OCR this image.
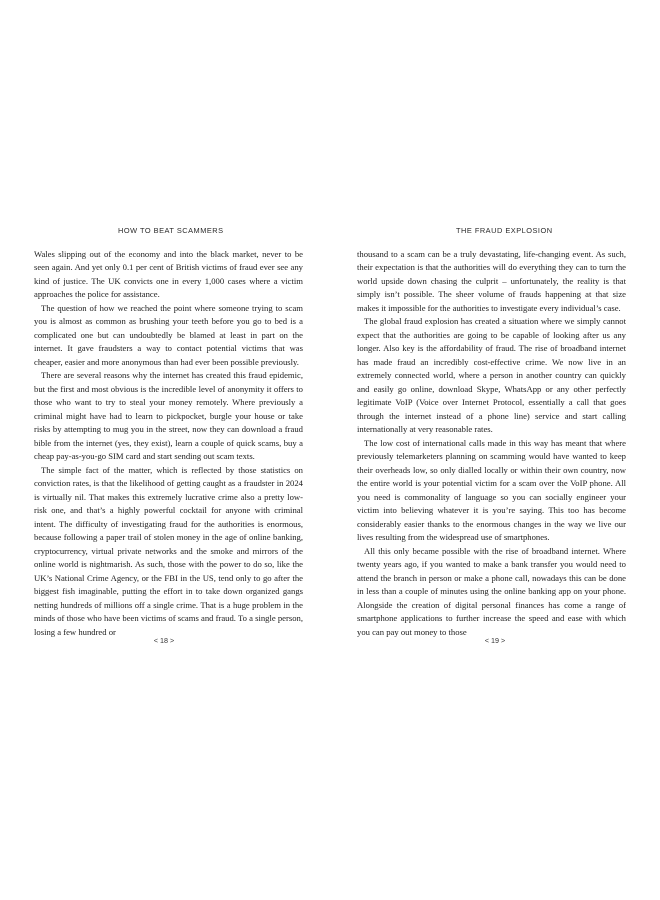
HOW TO BEAT SCAMMERS

Wales slipping out of the economy and into the black market, never to be seen again. And yet only 0.1 per cent of British victims of fraud ever see any kind of justice. The UK convicts one in every 1,000 cases where a victim approaches the police for assistance.

The question of how we reached the point where someone trying to scam you is almost as common as brushing your teeth before you go to bed is a complicated one but can undoubtedly be blamed at least in part on the internet. It gave fraudsters a way to contact potential victims that was cheaper, easier and more anonymous than had ever been possible previously.

There are several reasons why the internet has created this fraud epidemic, but the first and most obvious is the incredible level of anonymity it offers to those who want to try to steal your money remotely. Where previously a criminal might have had to learn to pickpocket, burgle your house or take risks by attempting to mug you in the street, now they can download a fraud bible from the internet (yes, they exist), learn a couple of quick scams, buy a cheap pay-as-you-go SIM card and start sending out scam texts.

The simple fact of the matter, which is reflected by those statistics on conviction rates, is that the likelihood of getting caught as a fraudster in 2024 is virtually nil. That makes this extremely lucrative crime also a pretty low-risk one, and that’s a highly powerful cocktail for anyone with criminal intent. The difficulty of investigating fraud for the authorities is enormous, because following a paper trail of stolen money in the age of online banking, cryptocurrency, virtual private networks and the smoke and mirrors of the online world is nightmarish. As such, those with the power to do so, like the UK’s National Crime Agency, or the FBI in the US, tend only to go after the biggest fish imaginable, putting the effort in to take down organized gangs netting hundreds of millions off a single crime. That is a huge problem in the minds of those who have been victims of scams and fraud. To a single person, losing a few hundred or

< 18 >
THE FRAUD EXPLOSION

thousand to a scam can be a truly devastating, life-changing event. As such, their expectation is that the authorities will do everything they can to turn the world upside down chasing the culprit – unfortunately, the reality is that simply isn’t possible. The sheer volume of frauds happening at that size makes it impossible for the authorities to investigate every individual’s case.

The global fraud explosion has created a situation where we simply cannot expect that the authorities are going to be capable of looking after us any longer. Also key is the affordability of fraud. The rise of broadband internet has made fraud an incredibly cost-effective crime. We now live in an extremely connected world, where a person in another country can quickly and easily go online, download Skype, WhatsApp or any other perfectly legitimate VoIP (Voice over Internet Protocol, essentially a call that goes through the internet instead of a phone line) service and start calling internationally at very reasonable rates.

The low cost of international calls made in this way has meant that where previously telemarketers planning on scamming would have wanted to keep their overheads low, so only dialled locally or within their own country, now the entire world is your potential victim for a scam over the VoIP phone. All you need is commonality of language so you can socially engineer your victim into believing whatever it is you’re saying. This too has become considerably easier thanks to the enormous changes in the way we live our lives resulting from the widespread use of smartphones.

All this only became possible with the rise of broadband internet. Where twenty years ago, if you wanted to make a bank transfer you would need to attend the branch in person or make a phone call, nowadays this can be done in less than a couple of minutes using the online banking app on your phone. Alongside the creation of digital personal finances has come a range of smartphone applications to further increase the speed and ease with which you can pay out money to those

< 19 >
